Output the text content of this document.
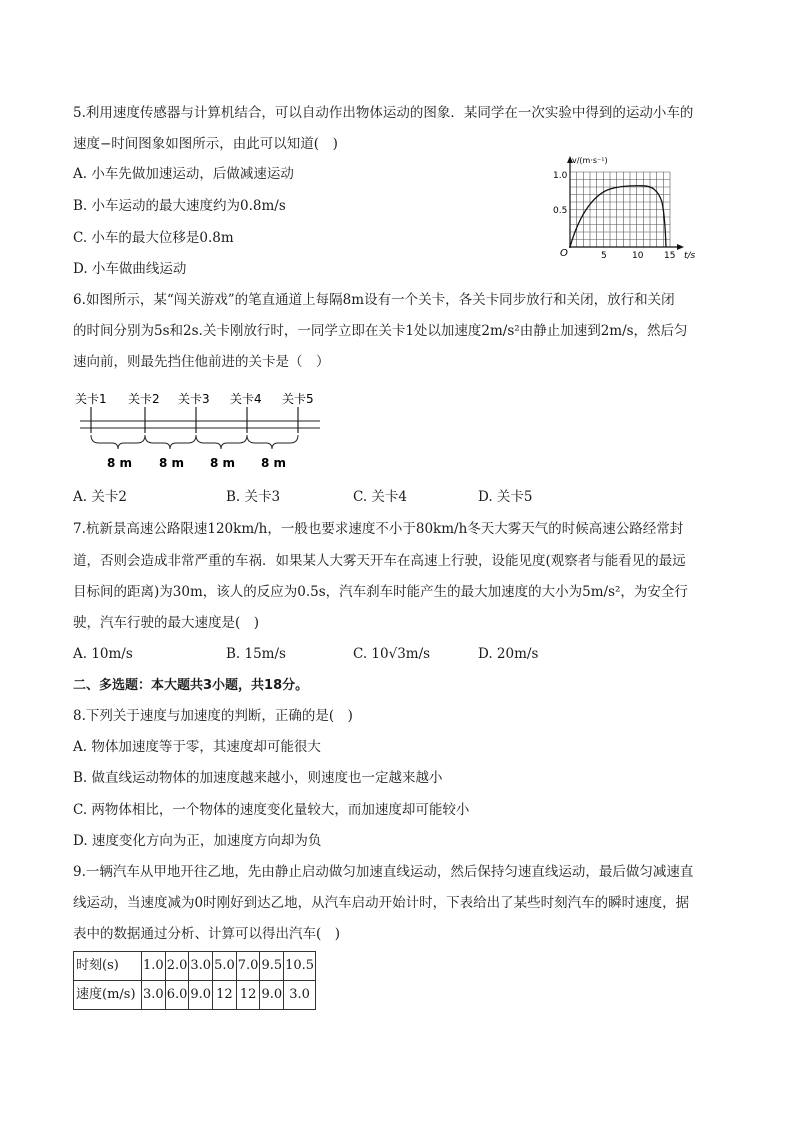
5.利用速度传感器与计算机结合，可以自动作出物体运动的图象．某同学在一次实验中得到的运动小车的
速度−时间图象如图所示，由此可以知道(　)
A. 小车先做加速运动，后做减速运动
B. 小车运动的最大速度约为0.8m/s
C. 小车的最大位移是0.8m
D. 小车做曲线运动
v/(m·s⁻¹)
1.0
0.5
O	5	10 15 t/s
6.如图所示，某“闯关游戏”的笔直通道上每隔8m设有一个关卡，各关卡同步放行和关闭，放行和关闭
的时间分别为5s和2s.关卡刚放行时，一同学立即在关卡1处以加速度2m/s²由静止加速到2m/s，然后匀
速向前，则最先挡住他前进的关卡是（　）
关卡1 关卡2 关卡3 关卡4 关卡5
8 m 8 m 8 m 8 m
A. 关卡2	B. 关卡3	C. 关卡4	D. 关卡5
7.杭新景高速公路限速120km/h，一般也要求速度不小于80km/h冬天大雾天气的时候高速公路经常封
道，否则会造成非常严重的车祸．如果某人大雾天开车在高速上行驶，设能见度(观察者与能看见的最远
目标间的距离)为30m，该人的反应为0.5s，汽车刹车时能产生的最大加速度的大小为5m/s²，为安全行
驶，汽车行驶的最大速度是(　)
A. 10m/s	B. 15m/s	C. 10√3m/s	D. 20m/s
二、多选题：本大题共3小题，共18分。
8.下列关于速度与加速度的判断，正确的是(　)
A. 物体加速度等于零，其速度却可能很大
B. 做直线运动物体的加速度越来越小，则速度也一定越来越小
C. 两物体相比，一个物体的速度变化量较大，而加速度却可能较小
D. 速度变化方向为正，加速度方向却为负
9.一辆汽车从甲地开往乙地，先由静止启动做匀加速直线运动，然后保持匀速直线运动，最后做匀减速直
线运动，当速度减为0时刚好到达乙地，从汽车启动开始计时，下表给出了某些时刻汽车的瞬时速度，据
表中的数据通过分析、计算可以得出汽车(　)
时刻(s)	1.0	2.0	3.0	5.0	7.0	9.5	10.5
速度(m/s)	3.0	6.0	9.0	12	12	9.0	3.0
